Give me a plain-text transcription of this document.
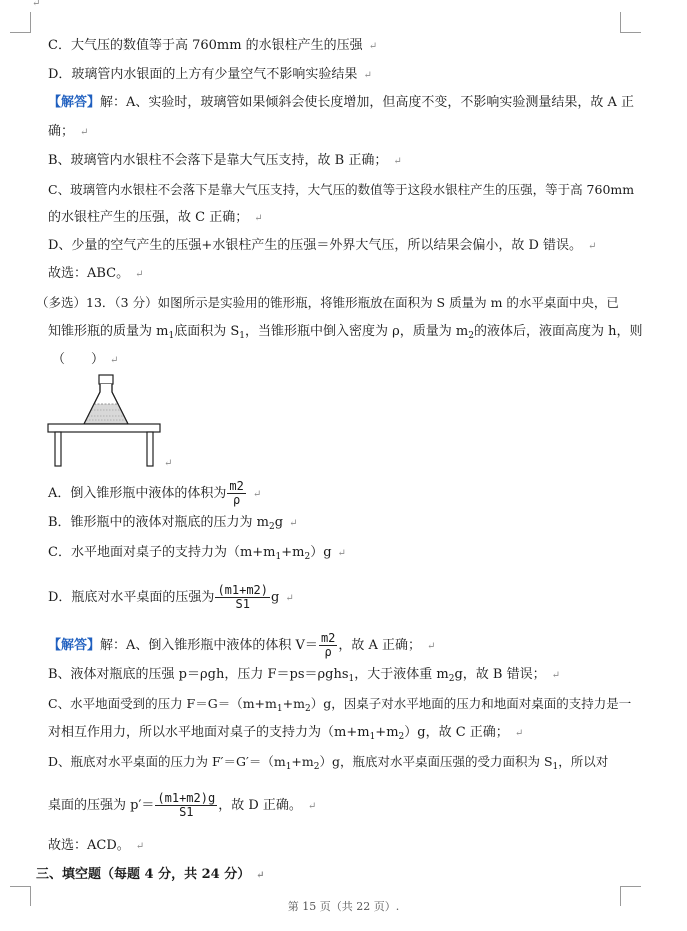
↵
C．大气压的数值等于高 760mm 的水银柱产生的压强 ↵
D．玻璃管内水银面的上方有少量空气不影响实验结果 ↵
【解答】解：A、实验时，玻璃管如果倾斜会使长度增加，但高度不变，不影响实验测量结果，故 A 正
确； ↵
B、玻璃管内水银柱不会落下是靠大气压支持，故 B 正确； ↵
C、玻璃管内水银柱不会落下是靠大气压支持，大气压的数值等于这段水银柱产生的压强，等于高 760mm
的水银柱产生的压强，故 C 正确； ↵
D、少量的空气产生的压强+水银柱产生的压强＝外界大气压，所以结果会偏小，故 D 错误。 ↵
故选：ABC。 ↵
（多选）13．（3 分）如图所示是实验用的锥形瓶，将锥形瓶放在面积为 S 质量为 m 的水平桌面中央，已
知锥形瓶的质量为 $m_1$底面积为 $S_1$，当锥形瓶中倒入密度为 ρ，质量为 $m_2$的液体后，液面高度为 h，则
（　　） ↵
↵
A．倒入锥形瓶中液体的体积为 $\frac{m2}{\rho}$ ↵
B．锥形瓶中的液体对瓶底的压力为 $m_2g$ ↵
C．水平地面对桌子的支持力为$(m+m_1+m_2)g$ ↵
D．瓶底对水平桌面的压强为 $\frac{(m1+m2)}{S1}$ g ↵
【解答】解：A、倒入锥形瓶中液体的体积 $V= \frac{m2}{\rho}$ ，故 A 正确； ↵
B、液体对瓶底的压强 p＝ρgh，压力 F＝ps＝ρghs$_1$，大于液体重 $m_2g$，故 B 错误； ↵
C、水平地面受到的压力 $F=G=(m+m_1+m_2)g$，因桌子对水平地面的压力和地面对桌面的支持力是一
对相互作用力，所以水平地面对桌子的支持力为$(m+m_1+m_2)g$，故 C 正确； ↵
D、瓶底对水平桌面的压力为 $F'=G'=(m_1+m_2)g$，瓶底对水平桌面压强的受力面积为 $S_1$，所以对
桌面的压强为 $p'= \frac{(m1+m2)g}{S1}$ ，故 D 正确。 ↵
故选：ACD。 ↵
三、填空题（每题 4 分，共 24 分） ↵
第 15 页（共 22 页）.
